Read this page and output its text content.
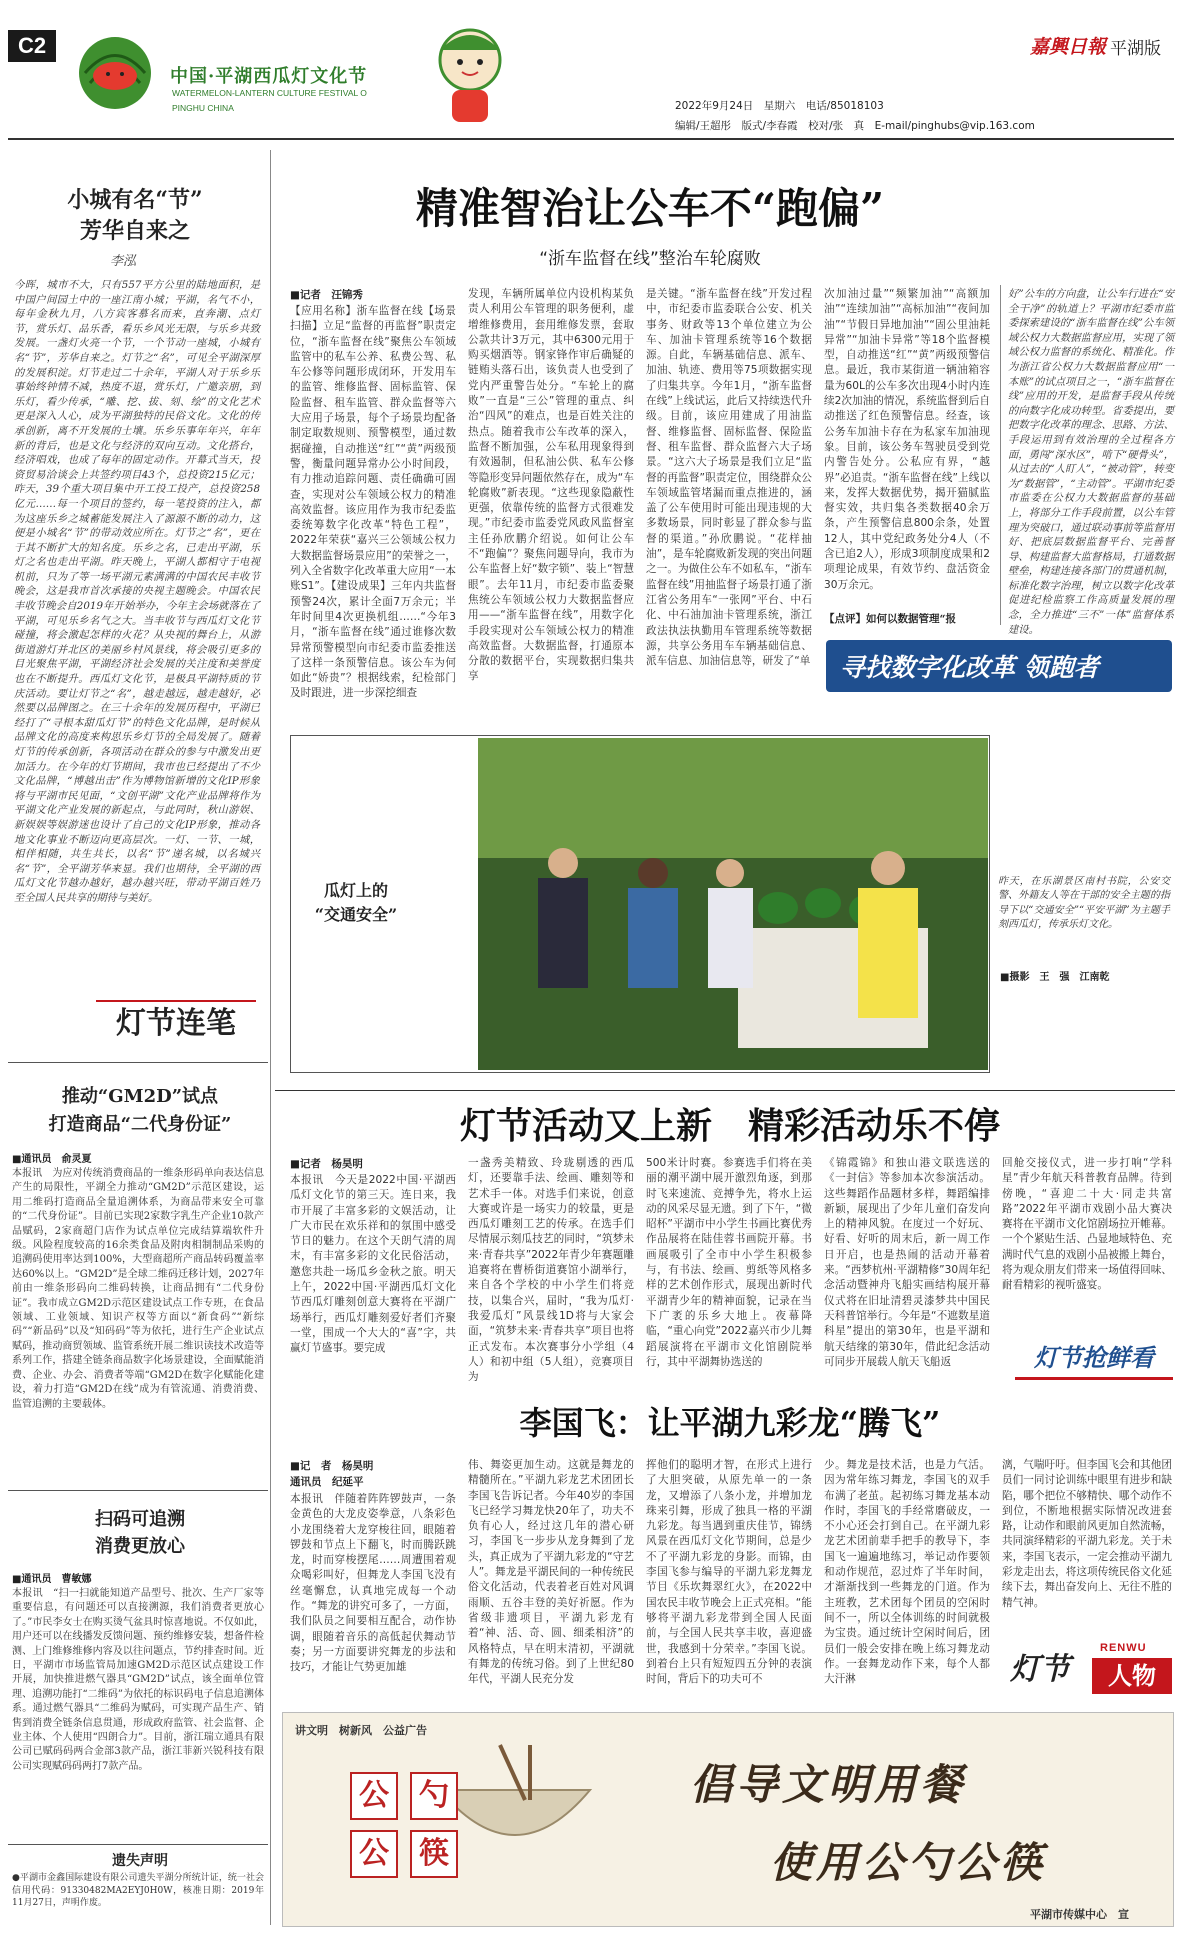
C2
中国·平湖西瓜灯文化节
WATERMELON-LANTERN CULTURE FESTIVAL O
PINGHU CHINA
嘉興日報 平湖版
2022年9月24日　星期六　电话/85018103
编辑/王超彤　版式/李春霞　校对/张　真　E-mail/pinghubs@vip.163.com
小城有名“节”
芳华自来之
李泓
今晖，城市不大，只有557平方公里的陆地面积，是中国户间园土中的一座江南小城；平湖，名气不小，每年金秋九月，八方宾客慕名而来，直奔潮、点灯节，赏乐灯、品乐香，看乐乡风光无限，与乐乡共致发展。一盏灯火亮一个节，一个节动一座城，小城有名“节”，芳华自来之。灯节之“名”，可见全平湖深厚的发展积淀。灯节走过二十余年，平湖人对于乐乡乐事始终钟情不减，热度不退，赏乐灯，广邀亲朋，到乐灯，看少传承，“雕、挖、拔、刻、绘”的文化艺术更是深入人心，成为平湖独特的民俗文化。文化的传承创新，离不开发展的土壤。乐乡乐事年年兴，年年新的背后，也是文化与经济的双向互动。文化搭台，经济唱戏，也成了每年的固定动作。开幕式当天，投资贸易洽谈会上共签约项目43个，总投资215亿元；昨天，39个重大项目集中开工投工投产，总投资258亿元……每一个项目的签约，每一笔投资的注入，都为这座乐乡之城蓄能发展注入了源源不断的动力，这便是小城名“节”的带动效应所在。灯节之“名”，更在于其不断扩大的知名度。乐乡之名，已走出平湖，乐灯之名也走出平湖。昨天晚上，平湖人都相守于电视机前，只为了等一场平湖元素满满的中国农民丰收节晚会，这是我市首次承接的央视主题晚会。中国农民丰收节晚会自2019年开始举办，今年主会场就落在了平湖，可见乐乡名气之大。当丰收节与西瓜灯文化节碰撞，将会激起怎样的火花？从央视的舞台上，从游街道游灯并北区的美丽乡村风景线，将会吸引更多的目光聚焦平湖，平湖经济社会发展的关注度和美誉度也在不断提升。西瓜灯文化节，是极具平湖特质的节庆活动。要让灯节之“名”，越走越远，越走越好，必然要以品牌图之。在三十余年的发展历程中，平湖已经打了“寻根本甜瓜灯节”的特色文化品牌，是时候从品牌文化的高度来构思乐乡灯节的全局发展了。随着灯节的传承创新，各项活动在群众的参与中激发出更加活力。在今年的灯节期间，我市也已经提出了不少文化品牌，“博越出击”作为博物馆新增的文化IP形象将与平湖市民见面，“文创平湖”文化产业品牌将作为平湖文化产业发展的新起点，与此同时，秋山游娱、新娱娱等娱游迷也设计了自己的文化IP形象，推动各地文化事业不断迈向更高层次。一灯、一节、一城，相伴相随，共生共长，以名“节”递名城，以名城兴名“节”，全平湖芳华来显。我们也期待，全平湖的西瓜灯文化节越办越好，越办越兴旺，带动平湖百姓乃至全国人民共享的期待与美好。
灯节连笔
推动“GM2D”试点
打造商品“二代身份证”
■通讯员　俞灵夏
本报讯　为应对传统消费商品的一维条形码单向表达信息产生的局限性，平湖全力推动“GM2D”示范区建设，运用二维码打造商品全量追溯体系，为商品带来安全可靠的“二代身份证”。目前已实现2家数字乳生产企业10款产品赋码，2家商超门店作为试点单位完成结算端软件升级。风险程度较高的16余类食品及附肉相制制品采购的追溯码使用率达到100%，大型商超所产商品转码覆盖率达60%以上。“GM2D”是全球二维码迁移计划，2027年前由一维条形码向二维码转换，让商品拥有“二代身份证”。我市成立GM2D示范区建设试点工作专班，在食品领域、工业领域、知识产权等方面以“新食码”“新综码”“新品码”以及“知码码”等为依托，进行生产企业试点赋码，推动商贸领域、监管系统开展二维识读技术改造等系列工作，搭建全链条商品数字化场景建设，全面赋能消费、企业、办会、消费者等端“GM2D在数字化赋能化建设，着力打造“GM2D在线”成为有管流通、消费消费、监管追溯的主要载体。
扫码可追溯
消费更放心
■通讯员　曹敏娜
本报讯　“扫一扫就能知道产品型号、批次、生产厂家等重要信息，有问题还可以直接溯源，我们消费者更放心了。”市民李女士在购买烫气盆具时惊喜地说。不仅如此，用户还可以在线播发反馈问题、预约维修安装，想备件检测、上门维修维修内容及以往问题点，节约排查时间。近日，平湖市市场监管局加速GM2D示范区试点建设工作开展，加快推进燃气器具“GM2D”试点，该全面单位管理、追溯功能打“二维码”为依托的标识码电子信息追溯体系。通过燃气器具“二维码为赋码，可实现产品生产、销售到消费全链条信息贯通，形成政府监管、社会监督、企业主体、个人使用“四朗合力”。目前，浙江瑞立通具有限公司已赋码码两合金部3款产品，浙江菲新兴锐科技有限公司实现赋码码两打7款产品。
遗失声明
●平湖市金鑫国际建设有限公司遗失平湖分所统计证，统一社会信用代码：91330482MA2EYJ0H0W，核准日期：2019年11月27日，声明作废。
精准智治让公车不“跑偏”
“浙车监督在线”整治车轮腐败
■记者　汪锦秀
【应用名称】浙车监督在线【场景扫描】立足“监督的再监督”职责定位，“浙车监督在线”聚焦公车领域监管中的私车公养、私费公驾、私车公修等问题形成闭环，开发用车的监管、维修监督、固标监管、保险监督、租车监管、群众监督等六大应用子场景，每个子场景均配备制定取数规则、预警模型，通过数据碰撞，自动推送“红”“黄”两级预警，衡量问题异常办公小时间段，有力推动追踪问题、责任确确可固查，实现对公车领域公权力的精准高效监督。该应用作为我市纪委监委统筹数字化改革“特色工程”，2022年荣获“嘉兴三公领域公权力大数据监督场景应用”的荣誉之一，列入全省数字化改革重大应用“一本账S1”。【建设成果】三年内共监督预警24次，累计全面7万余元；半年时间里4次更换机组……“今年3月，“浙车监督在线”通过谁修次数异常预警模型向市纪委市监委推送了这样一条预警信息。该公车为何如此“娇贵”？根据线索，纪检部门及时跟进，进一步深挖细查
发现，车辆所属单位内设机构某负责人利用公车管理的职务便利，虚增维修费用，套用维修发票，套取公款共计3万元，其中6300元用于购买烟酒等。钢家锋作审后确疑的链贿头落石出，该负责人也受到了党内严重警告处分。“车轮上的腐败”一直是“三公”管理的重点、纠治“四风”的难点，也是百姓关注的热点。随着我市公车改革的深入，监督不断加强，公车私用现象得到有效遏制，但私油公供、私车公修等隐形变异问题依然存在，成为“车轮腐败”新表现。“这些现象隐蔽性更强，依靠传统的监督方式很难发现。”市纪委市监委党风政风监督室主任孙欣鹏介绍说。如何让公车不“跑偏”？聚焦问题导向，我市为公车监督上好“数字锁”、装上“智慧眼”。去年11月，市纪委市监委聚焦统公车领域公权力大数据监督应用——“浙车监督在线”，用数字化手段实现对公车领域公权力的精准高效监督。大数据监督，打通原本分散的数据平台，实现数据归集共享
是关键。“浙车监督在线”开发过程中，市纪委市监委联合公安、机关事务、财政等13个单位建立为公车、加油卡管理系统等16个数据源。自此，车辆基础信息、派车、加油、轨迹、费用等75项数据实现了归集共享。今年1月，“浙车监督在线”上线试运，此后又持续迭代升级。目前，该应用建成了用油监督、维修监督、固标监督、保险监督、租车监督、群众监督六大子场景。“这六大子场景是我们立足“监督的再监督”职责定位，围绕群众公车领域监管堵漏而重点推进的，涵盖了公车使用时可能出现违规的大多数场景，同时彰显了群众参与监督的渠道。”孙欣鹏说。“花样抽油”，是车轮腐败新发现的突出问题之一。为做住公车不如私车，“浙车监督在线”用抽监督子场景打通了浙江省公务用车“一张网”平台、中石化、中石油加油卡管理系统，浙江政法执法执勤用车管理系统等数据源，共享公务用车车辆基础信息、派车信息、加油信息等，研发了“单
次加油过量”“频繁加油”“高额加油”“连续加油”“高标加油”“夜间加油”“节假日异地加油”“固公里油耗异常”“加油卡异常”等18个监督模型，自动推送“红”“黄”两级预警信息。最近，我市某街道一辆油箱容量为60L的公车多次出现4小时内连续2次加油的情况，系统监督到后自动推送了红色预警信息。经查，该公务车加油卡存在为私家车加油现象。目前，该公务车驾驶员受到党内警告处分。公私应有界，“越界”必追责。“浙车监督在线”上线以来，发挥大数据优势，揭开猫腻监督实效，共归集各类数据40余万条，产生预警信息800余条，处置12人，其中党纪政务处分4人（不含已追2人），形成3项制度成果和2项理论成果，有效节约、盘活资金30万余元。
【点评】如何以数据管理“报
好”公车的方向盘，让公车行进在“安全干净”的轨道上？平湖市纪委市监委探索建设的“浙车监督在线”公车领域公权力大数据监督应用，实现了领域公权力监督的系统化、精准化。作为浙江省公权力大数据监督应用“一本账”的试点项目之一，“浙车监督在线”应用的开发，是监督手段从传统的向数字化成功转型。省委提出，要把数字化改革的理念、思路、方法、手段运用到有效治理的全过程各方面，勇闯“深水区”，啃下“硬骨头”，从过去的“人盯人”，“被动管”，转变为“数据管”，“主动管”。平湖市纪委市监委在公权力大数据监督的基础上，将部分工作手段前置，以公车管理为突破口，通过联动事前等监督用好、把底层数据监督平台、完善督导、构建监督大监督格局，打通数据壁垒，构建连接各部门的贯通机制，标准化数字治理，树立以数字化改革促进纪检监察工作高质量发展的理念，全力推进“三不”一体”监督体系建设。
寻找数字化改革 领跑者
瓜灯上的
“交通安全”
昨天，在乐湖景区南村书院，公安交警、外籍友人等在干部的安全主题的指导下以“交通安全”“平安平湖”为主题手刻西瓜灯，传承乐灯文化。
■摄影　王　强　江南乾
灯节活动又上新　精彩活动乐不停
■记者　杨昊明
本报讯　今天是2022中国·平湖西瓜灯文化节的第三天。连日来，我市开展了丰富多彩的文娱活动，让广大市民在欢乐祥和的氛围中感受节日的魅力。在这个天朗气清的周末，有丰富多彩的文化民俗活动，邀您共赴一场瓜乡金秋之旅。明天上午，2022中国·平湖西瓜灯文化节西瓜灯雕刻创意大赛将在平湖广场举行，西瓜灯雕刻爱好者们齐聚一堂，围成一个大大的“喜”字，共赢灯节盛事。要完成
一盏秀美精致、玲珑剔透的西瓜灯，还要靠手法、绘画、雕刻等和艺术手一体。对选手们来说，创意大赛或许是一场实力的较量，更是西瓜灯雕刻工艺的传承。在选手们尽情展示刻瓜技艺的同时，“筑梦未来·青春共享”2022年青少年赛题雕追赛将在曹桥街道赛馆小湖举行，来自各个学校的中小学生们将竞技，以集合兴，届时，“我为瓜灯·我爱瓜灯”风景线1D将与大家会面，“筑梦未来·青春共享”项目也将正式发布。本次赛事分小学组（4人）和初中组（5人组），竞赛项目为
500米计时赛。参赛选手们将在美丽的潮平湖中展开激烈角逐，到那时飞来速流、竞搏争先，将水上运动的风采尽显无遗。到了下午，“微昭杯”平湖市中小学生书画比赛优秀作品展将在陆佳蓉书画院开幕。书画展吸引了全市中小学生积极参与，有书法、绘画、剪纸等风格多样的艺术创作形式，展现出新时代平湖青少年的精神面貌，记录在当下广袤的乐乡大地上。夜幕降临，“重心向党”2022嘉兴市少儿舞蹈展演将在平湖市文化馆剧院举行，其中平湖舞协选送的
《锦霞锦》和独山港文联选送的《一封信》等参加本次参演活动。这些舞蹈作品题材多样，舞蹈编排新颖，展现出了少年儿童们奋发向上的精神风貌。在度过一个好玩、好看、好听的周末后，新一周工作日开启，也是热闹的活动开幕着来。“西梦杭州·平湖精修”30周年纪念活动暨神舟飞船实画结构展开幕仪式将在旧址清碧灵漆梦共中国民天科普馆举行。今年是“不遮数星道科星”提出的第30年，也是平湖和航天结缘的第30年，借此纪念活动可同步开展载人航天飞船返
回舱交接仪式，进一步打响“学科星”青少年航天科普教育品牌。待到傍晚，“喜迎二十大·同走共富路”2022年平湖市戏剧小品大赛决赛将在平湖市文化馆剧场拉开帷幕。一个个紧贴生活、凸显地域特色、充满时代气息的戏剧小品被搬上舞台，将为观众朋友们带来一场值得回味、耐看精彩的视听盛宴。
灯节抢鲜看
李国飞：让平湖九彩龙“腾飞”
■记　者　杨昊明
通讯员　纪延平
本报讯　伴随着阵阵锣鼓声，一条金黄色的大龙皮姿拳意，八条彩色小龙围绕着大龙穿梭往回，眼随着锣鼓和节点上下翻飞，时而腾跃跳龙，时而穿梭摆尾……周遭围着观众喝彩叫好，但舞龙人李国飞没有丝毫懈怠，认真地完成每一个动作。“舞龙的讲究可多了，一方面，我们队员之间要相互配合，动作协调，眼随着音乐的高低起伏舞动节奏；另一方面要讲究舞龙的步法和技巧，才能让气势更加雄
伟、舞姿更加生动。这就是舞龙的精髓所在。”平湖九彩龙艺术团团长李国飞告诉记者。今年40岁的李国飞已经学习舞龙快20年了，功夫不负有心人，经过这几年的潜心研习，李国飞一步步从龙身舞到了龙头，真正成为了平湖九彩龙的“守艺人”。舞龙是平湖民间的一种传统民俗文化活动，代表着老百姓对风调雨顺、五谷丰登的美好祈愿。作为省级非遗项目，平湖九彩龙有着“神、活、奇、圆、细柔相济”的风格特点，早在明末清初，平湖就有舞龙的传统习俗。到了上世纪80年代，平湖人民充分发
挥他们的聪明才智，在形式上进行了大胆突破，从原先单一的一条龙，又增添了八条小龙，并增加龙珠来引舞，形成了独具一格的平湖九彩龙。每当遇到重庆佳节，锦绣风景在西瓜灯文化节期间，总是少不了平湖九彩龙的身影。而锦，由李国飞参与编导的平湖九彩龙舞龙节目《乐坎舞翠红火》，在2022中国农民丰收节晚会上正式亮相。“能够将平湖九彩龙带到全国人民面前，与全国人民共享丰收，喜迎盛世，我感到十分荣幸。”李国飞说。到着台上只有短短四五分钟的表演时间，背后下的功夫可不
少。舞龙是技术活，也是力气活。因为常年练习舞龙，李国飞的双手布满了老茧。起初练习舞龙基本动作时，李国飞的手经常磨破皮，一不小心还会打到自己。在平湖九彩龙艺术团前辈手把手的教导下，李国飞一遍遍地练习，举记动作要领和动作规范，忍过炸了半年时间，才渐渐找到一些舞龙的门道。作为主班教，艺术团每个团员的空闲时间不一，所以全体训练的时间就极为宝贵。通过统计空闲时间后，团员们一般会安排在晚上练习舞龙动作。一套舞龙动作下来，每个人都大汗淋
漓，气喘吁吁。但李国飞会和其他团员们一同讨论训练中眼里有进步和缺陷，哪个把位不够精快、哪个动作不到位，不断地根据实际情况改进套路，让动作和眼前风更加自然流畅，共同演绎精彩的平湖九彩龙。关于未来，李国飞表示，一定会推动平湖九彩龙走出去，将这项传统民俗文化延续下去，舞出奋发向上、无往不胜的精气神。
灯节
RENWU
人物
讲文明　树新风　公益广告
公	勺
公	筷
倡导文明用餐
使用公勺公筷
平湖市传媒中心　宣
